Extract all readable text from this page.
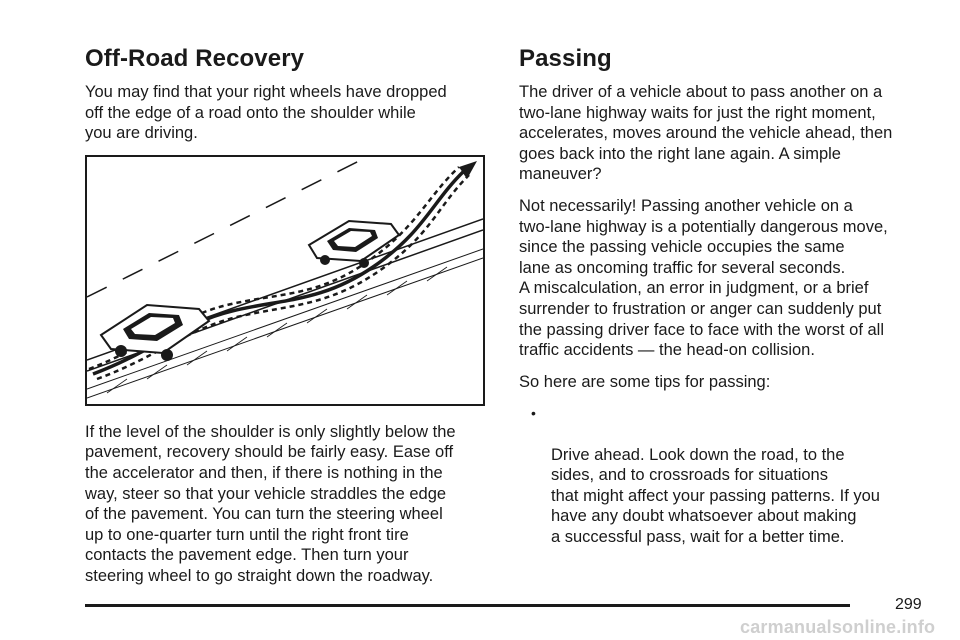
Off-Road Recovery

You may find that your right wheels have dropped
off the edge of a road onto the shoulder while
you are driving.

If the level of the shoulder is only slightly below the
pavement, recovery should be fairly easy. Ease off
the accelerator and then, if there is nothing in the
way, steer so that your vehicle straddles the edge
of the pavement. You can turn the steering wheel
up to one-quarter turn until the right front tire
contacts the pavement edge. Then turn your
steering wheel to go straight down the roadway.

Passing

The driver of a vehicle about to pass another on a
two-lane highway waits for just the right moment,
accelerates, moves around the vehicle ahead, then
goes back into the right lane again. A simple
maneuver?

Not necessarily! Passing another vehicle on a
two-lane highway is a potentially dangerous move,
since the passing vehicle occupies the same
lane as oncoming traffic for several seconds.
A miscalculation, an error in judgment, or a brief
surrender to frustration or anger can suddenly put
the passing driver face to face with the worst of all
traffic accidents — the head-on collision.

So here are some tips for passing:

•

Drive ahead. Look down the road, to the
sides, and to crossroads for situations
that might affect your passing patterns. If you
have any doubt whatsoever about making
a successful pass, wait for a better time.

299
carmanualsonline.info
